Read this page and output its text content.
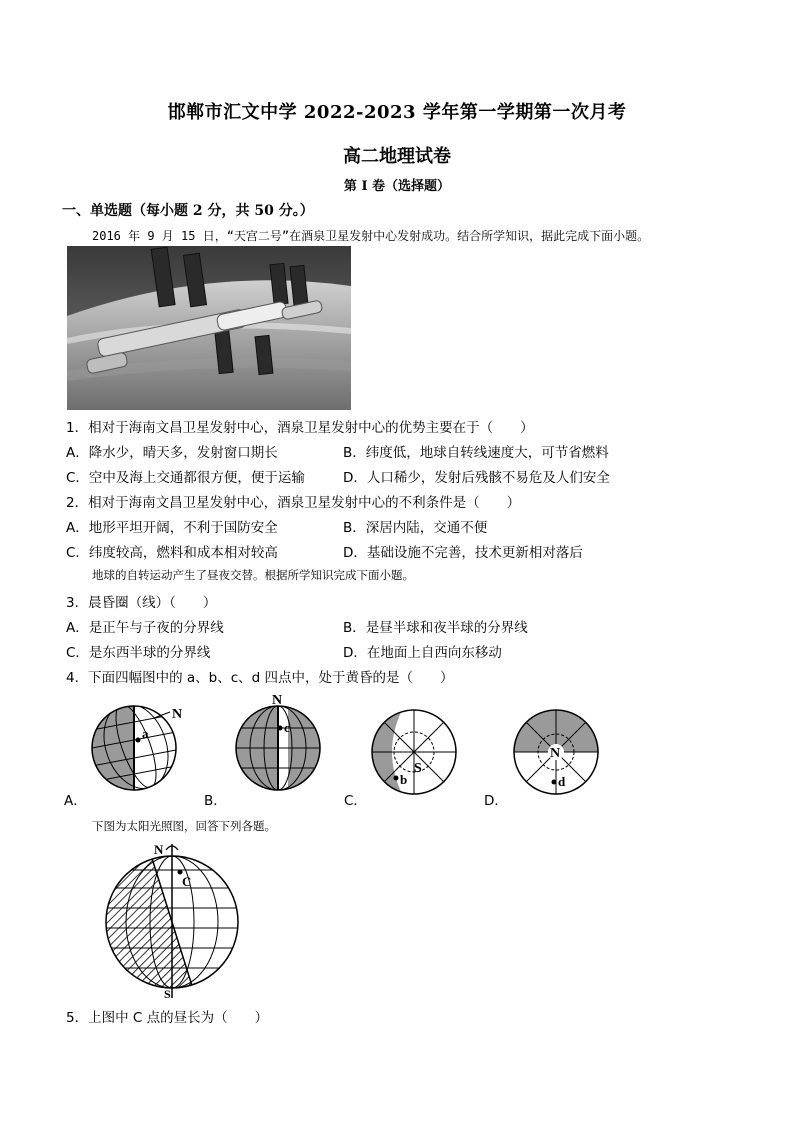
邯郸市汇文中学 2022-2023 学年第一学期第一次月考
高二地理试卷
第 I 卷（选择题）
一、单选题（每小题 2 分，共 50 分。）
2016 年 9 月 15 日，“天宫二号”在酒泉卫星发射中心发射成功。结合所学知识，据此完成下面小题。
1．相对于海南文昌卫星发射中心，酒泉卫星发射中心的优势主要在于（　　）
A．降水少，晴天多，发射窗口期长	B．纬度低，地球自转线速度大，可节省燃料
C．空中及海上交通都很方便，便于运输	D．人口稀少，发射后残骸不易危及人们安全
2．相对于海南文昌卫星发射中心，酒泉卫星发射中心的不利条件是（　　）
A．地形平坦开阔，不利于国防安全	B．深居内陆，交通不便
C．纬度较高，燃料和成本相对较高	D．基础设施不完善，技术更新相对落后
地球的自转运动产生了昼夜交替。根据所学知识完成下面小题。
3．晨昏圈（线）（　　）
A．是正午与子夜的分界线	B．是昼半球和夜半球的分界线
C．是东西半球的分界线	D．在地面上自西向东移动
4．下面四幅图中的 a、b、c、d 四点中，处于黄昏的是（　　）
a
N
A．
c
N
B．
b
S
C．
d
N
D．
下图为太阳光照图，回答下列各题。
N
S
C
5．上图中 C 点的昼长为（　　）
